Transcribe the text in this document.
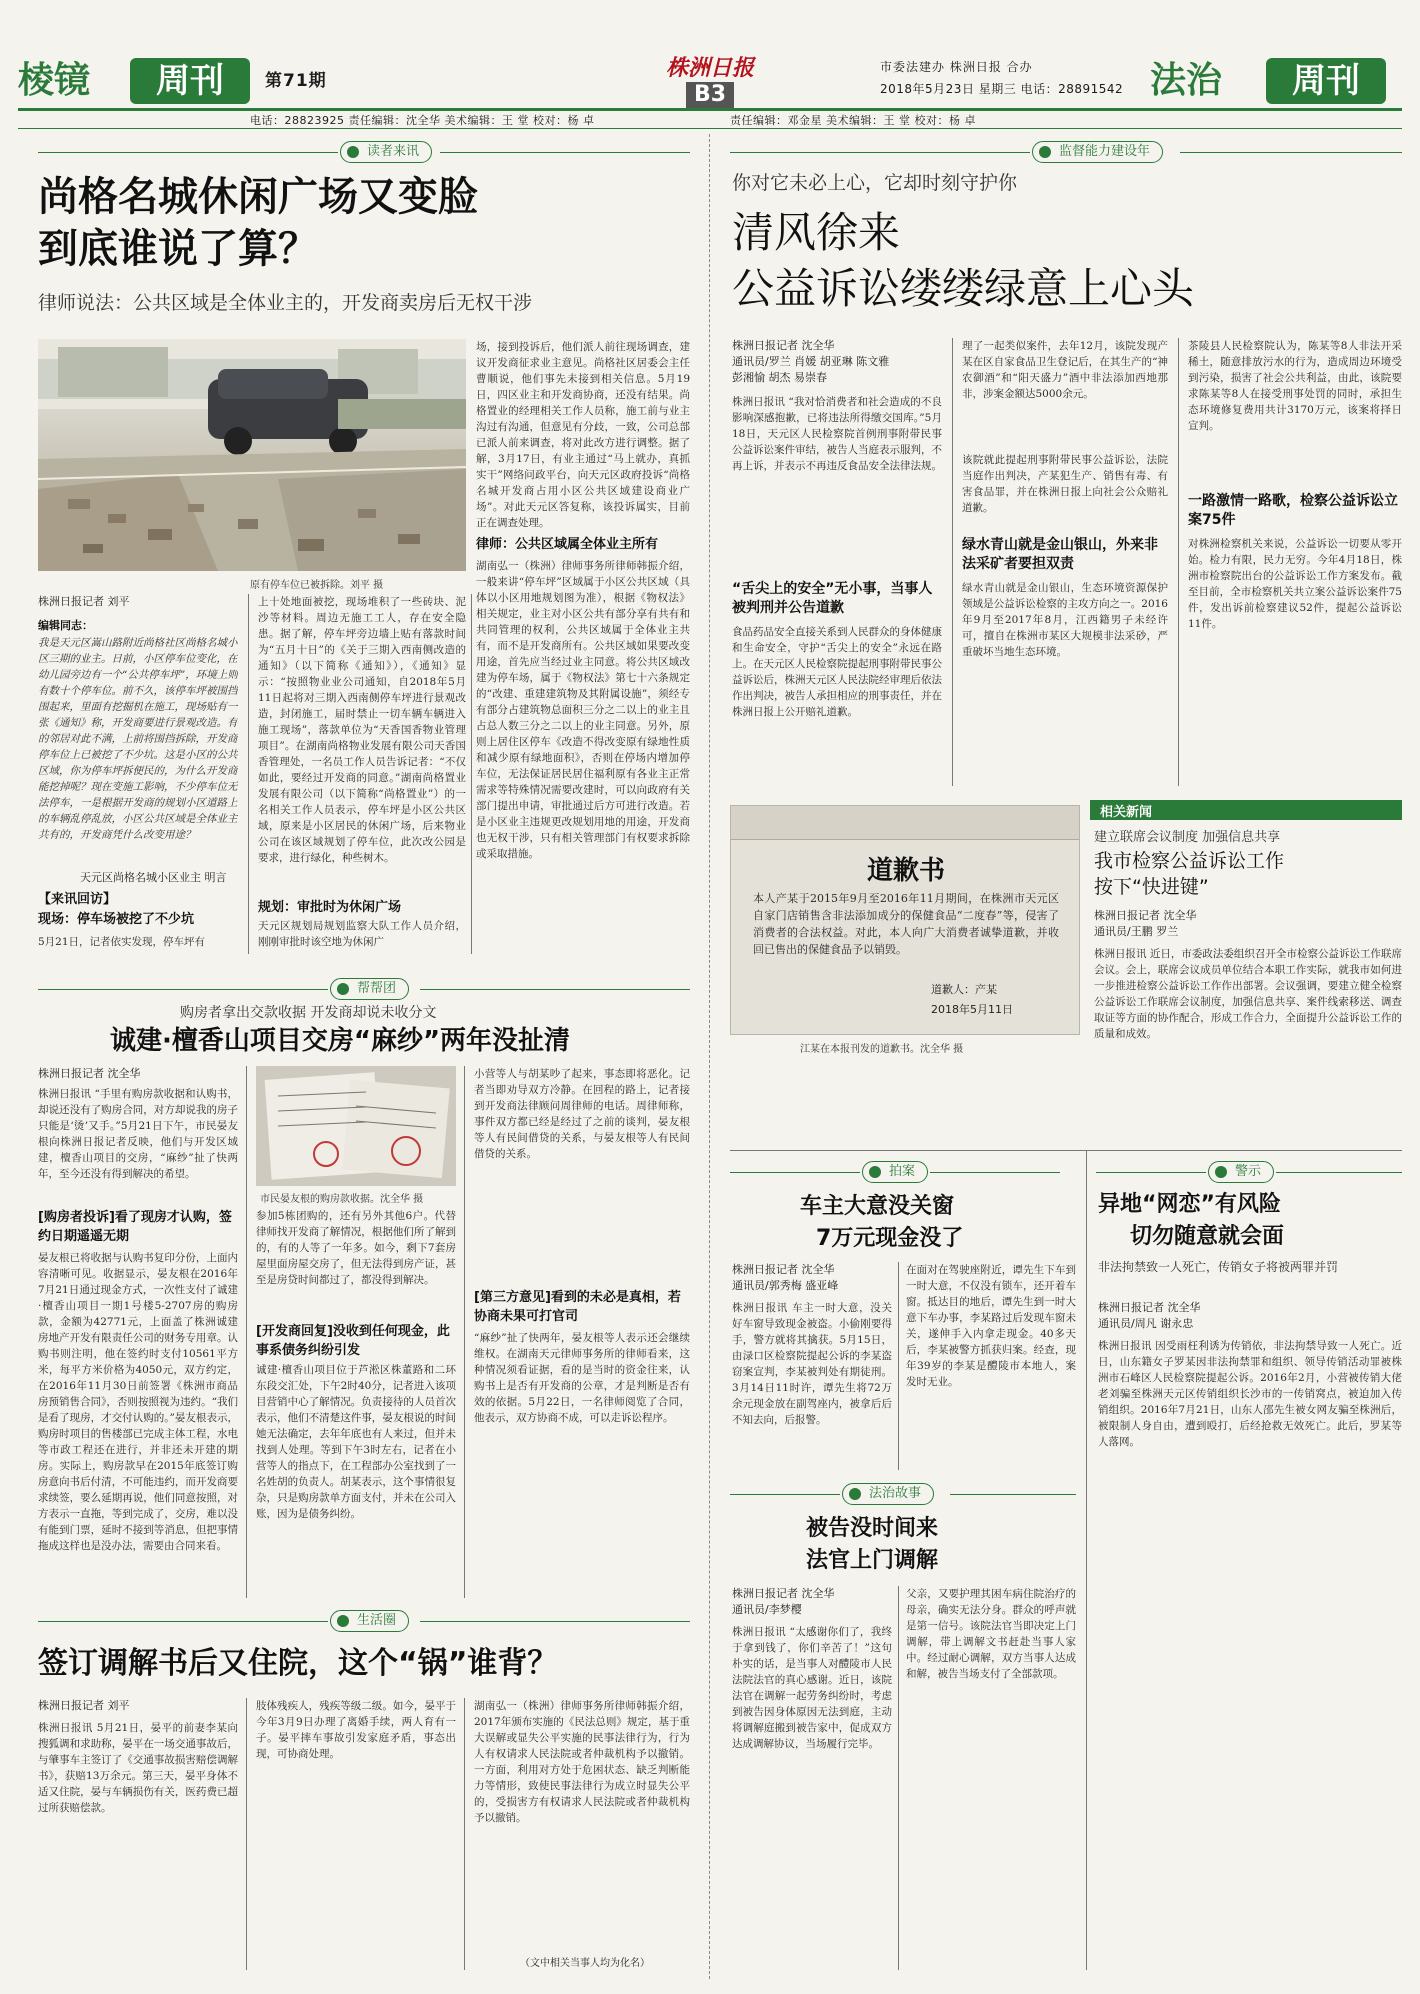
棱镜	周刊	第71期	株洲日报
B3
市委法建办 株洲日报 合办
2018年5月23日 星期三 电话：28891542 法治	周刊
电话：28823925 责任编辑：沈全华 美术编辑：王 堂 校对：杨 卓	责任编辑：邓金星 美术编辑：王 堂 校对：杨 卓
读者来讯
尚格名城休闲广场又变脸
到底谁说了算？
律师说法：公共区域是全体业主的，开发商卖房后无权干涉
原有停车位已被拆除。刘平 摄
场，接到投诉后，他们派人前往现场调查，建议开发商征求业主意见。尚格社区居委会主任曹顺说，他们事先未接到相关信息。5月19日，四区业主和开发商协商，还没有结果。尚格置业的经理相关工作人员称，施工前与业主沟过有沟通，但意见有分歧，一致，公司总部已派人前来调查，将对此改方进行调整。据了解，3月17日，有业主通过“马上就办，真抓实干”网络问政平台，向天元区政府投诉“尚格名城开发商占用小区公共区域建设商业广场”。对此天元区答复称，该投诉属实，目前正在调查处理。
律师：公共区域属全体业主所有
湖南弘一（株洲）律师事务所律师韩振介绍，一般来讲“停车坪”区域属于小区公共区域（具体以小区用地规划图为准），根据《物权法》相关规定，业主对小区公共有部分享有共有和共同管理的权利，公共区域属于全体业主共有，而不是开发商所有。公共区域如果要改变用途，首先应当经过业主同意。将公共区域改建为停车场，属于《物权法》第七十六条规定的“改建、重建建筑物及其附属设施”，须经专有部分占建筑物总面积三分之二以上的业主且占总人数三分之二以上的业主同意。另外，原则上居住区停车《改造不得改变原有绿地性质和减少原有绿地面积》，否则在停场内增加停车位，无法保证居民居住福利原有各业主正常需求等特殊情况需要改建时，可以向政府有关部门提出申请，审批通过后方可进行改造。若是小区业主违规更改规划用地的用途，开发商也无权干涉，只有相关管理部门有权要求拆除或采取措施。
株洲日报记者 刘平
编辑同志：
我是天元区嵩山路附近尚格社区尚格名城小区三期的业主。日前，小区停车位变化，在幼儿园旁边有一个“公共停车坪”，环境上则有数十个停车位。前不久，该停车坪被围挡围起来，里面有挖掘机在施工，现场贴有一张《通知》称，开发商要进行景观改造。有的邻居对此不满，上前将围挡拆除，开发商停车位上已被挖了不少坑。这是小区的公共区域，你为停车坪拆便民的，为什么开发商能挖掉呢？现在变施工影响，不少停车位无法停车，一是根据开发商的规划小区道路上的车辆乱停乱放，小区公共区域是全体业主共有的，开发商凭什么改变用途？
天元区尚格名城小区业主 明言
【来讯回访】
现场：停车场被挖了不少坑
5月21日，记者依实发现，停车坪有
上十处地面被挖，现场堆积了一些砖块、泥沙等材料。周边无施工工人，存在安全隐患。据了解，停车坪旁边墙上贴有落款时间为“五月十日”的《关于三期入西南侧改造的通知》（以下简称《通知》），《通知》显示：“按照物业业公司通知，自2018年5月11日起将对三期入西南侧停车坪进行景观改造，封闭施工，届时禁止一切车辆车辆进入施工现场”，落款单位为“天香国香物业管理项目”。在湖南尚格物业发展有限公司天香国香管理处，一名员工作人员告诉记者：“不仅如此，要经过开发商的同意。”湖南尚格置业发展有限公司（以下简称“尚格置业”）的一名相关工作人员表示，停车坪是小区公共区域，原来是小区居民的休闲广场，后来物业公司在该区域规划了停车位，此次改公园是要求，进行绿化，种些树木。
规划：审批时为休闲广场
天元区规划局规划监察大队工作人员介绍，刚刚审批时该空地为休闲广
帮帮团
购房者拿出交款收据 开发商却说未收分文
诚建·檀香山项目交房“麻纱”两年没扯清
株洲日报记者 沈全华
株洲日报讯 “手里有购房款收据和认购书，却说还没有了购房合同，对方却说我的房子只能是‘烫’又手。”5月21日下午，市民晏友根向株洲日报记者反映，他们与开发区域建，檀香山项目的交房，“麻纱”扯了快两年，至今还没有得到解决的希望。
[购房者投诉]看了现房才认购，签约日期遥遥无期
晏友根已将收据与认购书复印分份，上面内容清晰可见。收据显示，晏友根在2016年7月21日通过现金方式，一次性支付了诚建·檀香山项目一期1号楼5-2707房的购房款，金额为42771元，上面盖了株洲诚建房地产开发有限责任公司的财务专用章。认购书则注明，他在签约时支付10561平方米，每平方米价格为4050元，双方约定，在2016年11月30日前签署《株洲市商品房预销售合同》，否则按照视为违约。“我们是看了现房，才交付认购的。”晏友根表示，购房时项目的售楼部已完成主体工程，水电等市政工程还在进行，并非还未开建的期房。实际上，购房款早在2015年底签订购房意向书后付清，不可能违约，而开发商要求续签，要么延期再说，他们同意按照，对方表示一直拖，等到完成了，交房，难以没有能到门票，延时不接到等消息，但把事情拖成这样也是没办法，需要由合同来看。
市民晏友根的购房款收据。沈全华 摄
参加5栋团购的，还有另外其他6户。代替律师找开发商了解情况，根据他们所了解到的，有的人等了一年多。如今，剩下7套房屋里面房屋交房了，但无法得到房产证，甚至是房贷时间都过了，都没得到解决。
[开发商回复]没收到任何现金，此事系债务纠纷引发
诚建·檀香山项目位于芦淞区株董路和二环东段交汇处，下午2时40分，记者进入该项目营销中心了解情况。负责接待的人员首次表示，他们不清楚这件事，晏友根说的时间她无法确定，去年年底也有人来过，但并未找到人处理。等到下午3时左右，记者在小营等人的指点下，在工程部办公室找到了一名姓胡的负责人。胡某表示，这个事情很复杂，只是购房款单方面支付，并未在公司入账，因为是债务纠纷。
小营等人与胡某吵了起来，事态即将恶化。记者当即劝导双方冷静。在回程的路上，记者接到开发商法律顾问周律师的电话。周律师称，事件双方都已经是经过了之前的谈判，晏友根等人有民间借贷的关系，与晏友根等人有民间借贷的关系。
[第三方意见]看到的未必是真相，若协商未果可打官司
“麻纱”扯了快两年，晏友根等人表示还会继续维权。在湖南天元律师事务所的律师看来，这种情况须看证据，看的是当时的资金往来，认购书上是否有开发商的公章，才是判断是否有效的依据。5月22日，一名律师阅览了合同，他表示，双方协商不成，可以走诉讼程序。
生活圈
签订调解书后又住院，这个“锅”谁背？
株洲日报记者 刘平
株洲日报讯 5月21日，晏平的前妻李某向搜狐调和求助称，晏平在一场交通事故后，与肇事车主签订了《交通事故损害赔偿调解书》，获赔13万余元。第三天，晏平身体不适又住院，晏与车辆损伤有关，医药费已超过所获赔偿款。
肢体残疾人，残疾等级二级。如今，晏平于今年3月9日办理了离婚手续，两人育有一子。晏平摔车事故引发家庭矛盾，事态出现，可协商处理。
湖南弘一（株洲）律师事务所律师韩振介绍，2017年颁布实施的《民法总则》规定，基于重大误解或显失公平实施的民事法律行为，行为人有权请求人民法院或者仲裁机构予以撤销。一方面，利用对方处于危困状态、缺乏判断能力等情形，致使民事法律行为成立时显失公平的，受损害方有权请求人民法院或者仲裁机构予以撤销。
（文中相关当事人均为化名）
监督能力建设年
你对它未必上心，它却时刻守护你
清风徐来
公益诉讼缕缕绿意上心头
株洲日报记者 沈全华
通讯员/罗兰 肖媛 胡亚琳 陈文雅
彭湘愉 胡杰 易崇春
株洲日报讯 “我对恰消费者和社会造成的不良影响深感抱歉，已将违法所得缴交国库。”5月18日，天元区人民检察院首例刑事附带民事公益诉讼案件审结，被告人当庭表示服判，不再上诉，并表示不再违反食品安全法律法规。
“舌尖上的安全”无小事，当事人被判刑并公告道歉
食品药品安全直接关系到人民群众的身体健康和生命安全，守护“舌尖上的安全”永远在路上。在天元区人民检察院提起刑事附带民事公益诉讼后，株洲天元区人民法院经审理后依法作出判决，被告人承担相应的刑事责任，并在株洲日报上公开赔礼道歉。
理了一起类似案件，去年12月，该院发现产某在区自家食品卫生登记后，在其生产的“神农御酒”和“阳天盛力”酒中非法添加西地那非，涉案金额达5000余元。
该院就此提起刑事附带民事公益诉讼，法院当庭作出判决，产某犯生产、销售有毒、有害食品罪，并在株洲日报上向社会公众赔礼道歉。
绿水青山就是金山银山，外来非法采矿者要担双责
绿水青山就是金山银山，生态环境资源保护领域是公益诉讼检察的主攻方向之一。2016年9月至2017年8月，江西籍男子未经许可，擅自在株洲市某区大规模非法采砂，严重破坏当地生态环境。
茶陵县人民检察院认为，陈某等8人非法开采稀土，随意排放污水的行为，造成周边环境受到污染，损害了社会公共利益，由此，该院要求陈某等8人在接受刑事处罚的同时，承担生态环境修复费用共计3170万元，该案将择日宣判。
一路激情一路歌，检察公益诉讼立案75件
对株洲检察机关来说，公益诉讼一切要从零开始。检力有限，民力无穷。今年4月18日，株洲市检察院出台的公益诉讼工作方案发布。截至目前，全市检察机关共立案公益诉讼案件75件，发出诉前检察建议52件，提起公益诉讼11件。
道歉书
本人产某于2015年9月至2016年11月期间，在株洲市天元区自家门店销售含非法添加成分的保健食品“二度春”等，侵害了消费者的合法权益。对此，本人向广大消费者诚挚道歉，并收回已售出的保健食品予以销毁。
道歉人：产某
2018年5月11日
江某在本报刊发的道歉书。沈全华 摄
相关新闻
建立联席会议制度 加强信息共享
我市检察公益诉讼工作
按下“快进键”
株洲日报记者 沈全华
通讯员/王鹏 罗兰
株洲日报讯 近日，市委政法委组织召开全市检察公益诉讼工作联席会议。会上，联席会议成员单位结合本职工作实际，就我市如何进一步推进检察公益诉讼工作作出部署。会议强调，要建立健全检察公益诉讼工作联席会议制度，加强信息共享、案件线索移送、调查取证等方面的协作配合，形成工作合力，全面提升公益诉讼工作的质量和成效。
拍案
车主大意没关窗
7万元现金没了
株洲日报记者 沈全华
通讯员/郭秀梅 盛亚峰
株洲日报讯 车主一时大意，没关好车窗导致现金被盗。小偷刚要得手，警方就将其擒获。5月15日，由渌口区检察院提起公诉的李某盗窃案宣判，李某被判处有期徒刑。3月14日11时许，谭先生将72万余元现金放在副驾座内，被拿后后不知去向，后报警。
在面对在驾驶座附近，谭先生下车到一时大意，不仅没有锁车，还开着车窗。抵达目的地后，谭先生到一时大意下车办事，李某路过后发现车窗未关，遂伸手入内拿走现金。40多天后，李某被警方抓获归案。经查，现年39岁的李某是醴陵市本地人，案发时无业。
法治故事
被告没时间来
法官上门调解
株洲日报记者 沈全华
通讯员/李梦樱
株洲日报讯 “太感谢你们了，我终于拿到钱了，你们辛苦了！”这句朴实的话，是当事人对醴陵市人民法院法官的真心感谢。近日，该院法官在调解一起劳务纠纷时，考虑到被告因身体原因无法到庭，主动将调解庭搬到被告家中，促成双方达成调解协议，当场履行完毕。
父亲，又要护理其困车病住院治疗的母亲，确实无法分身。群众的呼声就是第一信号。该院法官当即决定上门调解，带上调解文书赶赴当事人家中。经过耐心调解，双方当事人达成和解，被告当场支付了全部款项。
警示
异地“网恋”有风险
切勿随意就会面
非法拘禁致一人死亡，传销女子将被两罪并罚
株洲日报记者 沈全华
通讯员/周凡 谢永忠
株洲日报讯 因受雨枉利诱为传销依，非法拘禁导致一人死亡。近日，山东籍女子罗某因非法拘禁罪和组织、领导传销活动罪被株洲市石峰区人民检察院提起公诉。2016年2月，小营被传销大佬老刘骗至株洲天元区传销组织长沙市的一传销窝点，被迫加入传销组织。2016年7月21日，山东人邵先生被女网友骗至株洲后，被限制人身自由，遭到殴打，后经抢救无效死亡。此后，罗某等人落网。
